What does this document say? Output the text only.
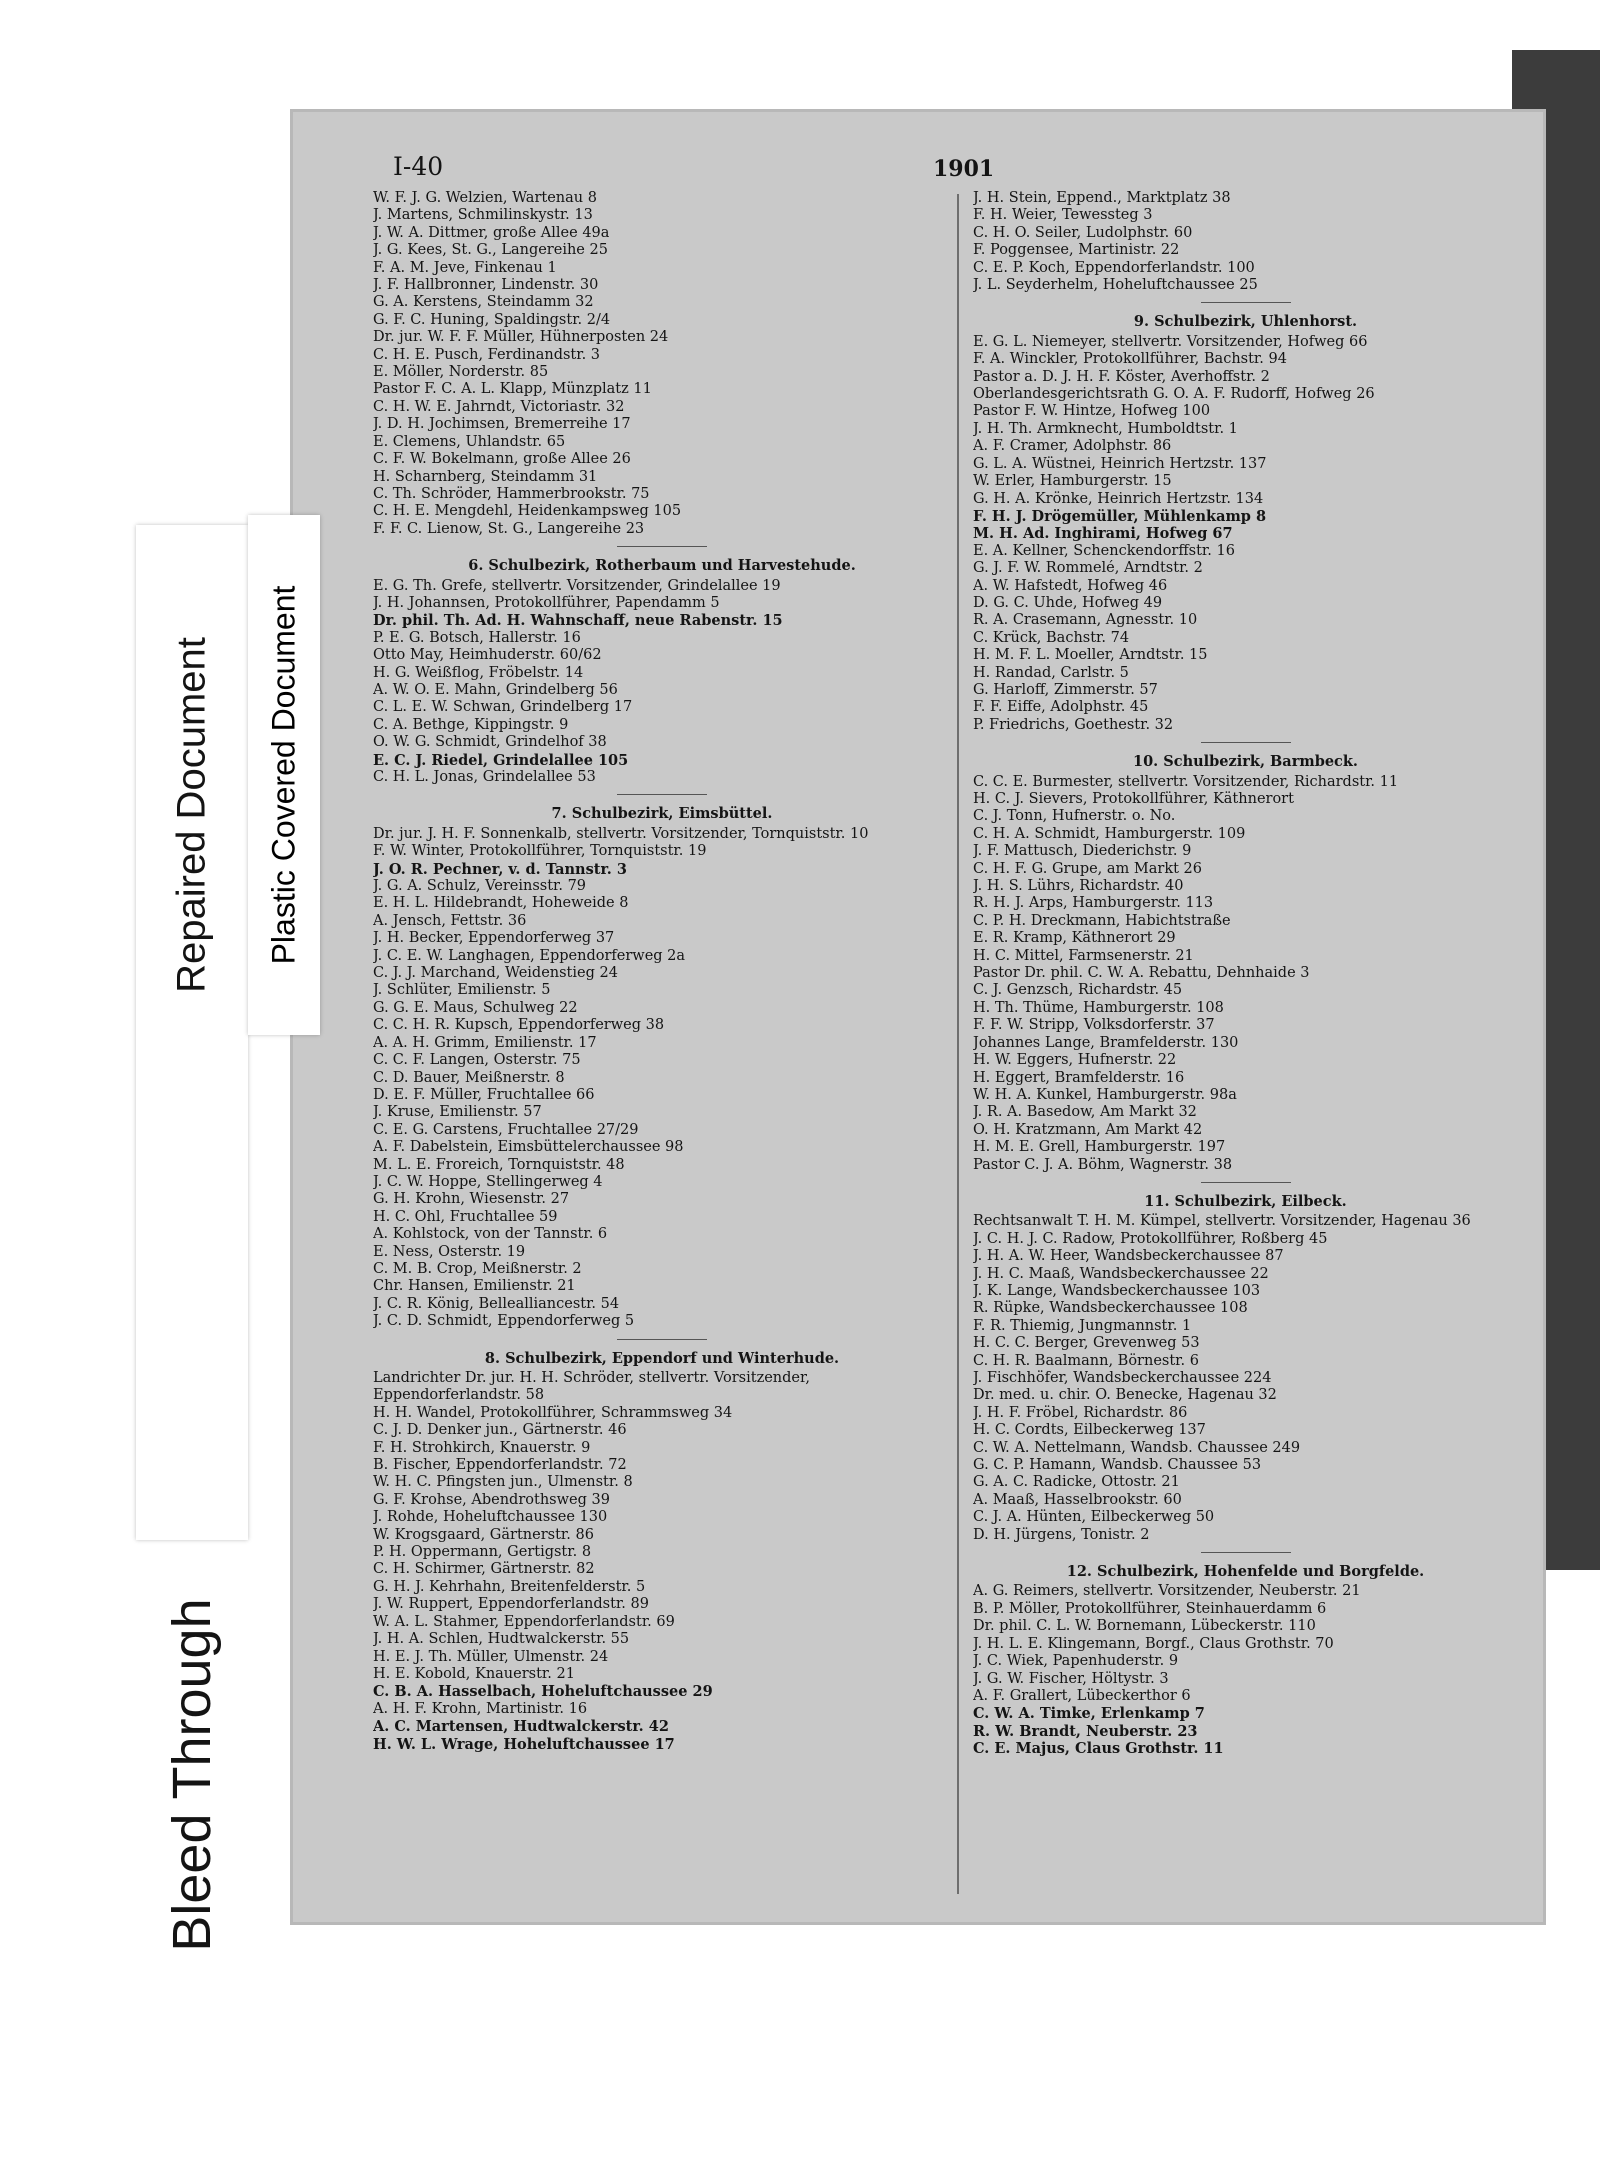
I-40	1901
W. F. J. G. Welzien, Wartenau 8
J. Martens, Schmilinskystr. 13
J. W. A. Dittmer, große Allee 49a
J. G. Kees, St. G., Langereihe 25
F. A. M. Jeve, Finkenau 1
J. F. Hallbronner, Lindenstr. 30
G. A. Kerstens, Steindamm 32
G. F. C. Huning, Spaldingstr. 2/4
Dr. jur. W. F. F. Müller, Hühnerposten 24
C. H. E. Pusch, Ferdinandstr. 3
E. Möller, Norderstr. 85
Pastor F. C. A. L. Klapp, Münzplatz 11
C. H. W. E. Jahrndt, Victoriastr. 32
J. D. H. Jochimsen, Bremerreihe 17
E. Clemens, Uhlandstr. 65
C. F. W. Bokelmann, große Allee 26
H. Scharnberg, Steindamm 31
C. Th. Schröder, Hammerbrookstr. 75
C. H. E. Mengdehl, Heidenkampsweg 105
F. F. C. Lienow, St. G., Langereihe 23
6. Schulbezirk, Rotherbaum und Harvestehude.
E. G. Th. Grefe, stellvertr. Vorsitzender, Grindelallee 19
J. H. Johannsen, Protokollführer, Papendamm 5
Dr. phil. Th. Ad. H. Wahnschaff, neue Rabenstr. 15
P. E. G. Botsch, Hallerstr. 16
Otto May, Heimhuderstr. 60/62
H. G. Weißflog, Fröbelstr. 14
A. W. O. E. Mahn, Grindelberg 56
C. L. E. W. Schwan, Grindelberg 17
C. A. Bethge, Kippingstr. 9
O. W. G. Schmidt, Grindelhof 38
E. C. J. Riedel, Grindelallee 105
C. H. L. Jonas, Grindelallee 53
7. Schulbezirk, Eimsbüttel.
Dr. jur. J. H. F. Sonnenkalb, stellvertr. Vorsitzender, Tornquiststr. 10
F. W. Winter, Protokollführer, Tornquiststr. 19
J. O. R. Pechner, v. d. Tannstr. 3
J. G. A. Schulz, Vereinsstr. 79
E. H. L. Hildebrandt, Hoheweide 8
A. Jensch, Fettstr. 36
J. H. Becker, Eppendorferweg 37
J. C. E. W. Langhagen, Eppendorferweg 2a
C. J. J. Marchand, Weidenstieg 24
J. Schlüter, Emilienstr. 5
G. G. E. Maus, Schulweg 22
C. C. H. R. Kupsch, Eppendorferweg 38
A. A. H. Grimm, Emilienstr. 17
C. C. F. Langen, Osterstr. 75
C. D. Bauer, Meißnerstr. 8
D. E. F. Müller, Fruchtallee 66
J. Kruse, Emilienstr. 57
C. E. G. Carstens, Fruchtallee 27/29
A. F. Dabelstein, Eimsbüttelerchaussee 98
M. L. E. Froreich, Tornquiststr. 48
J. C. W. Hoppe, Stellingerweg 4
G. H. Krohn, Wiesenstr. 27
H. C. Ohl, Fruchtallee 59
A. Kohlstock, von der Tannstr. 6
E. Ness, Osterstr. 19
C. M. B. Crop, Meißnerstr. 2
Chr. Hansen, Emilienstr. 21
J. C. R. König, Bellealliancestr. 54
J. C. D. Schmidt, Eppendorferweg 5
8. Schulbezirk, Eppendorf und Winterhude.
Landrichter Dr. jur. H. H. Schröder, stellvertr. Vorsitzender, Eppendorferlandstr. 58
H. H. Wandel, Protokollführer, Schrammsweg 34
C. J. D. Denker jun., Gärtnerstr. 46
F. H. Strohkirch, Knauerstr. 9
B. Fischer, Eppendorferlandstr. 72
W. H. C. Pfingsten jun., Ulmenstr. 8
G. F. Krohse, Abendrothsweg 39
J. Rohde, Hoheluftchaussee 130
W. Krogsgaard, Gärtnerstr. 86
P. H. Oppermann, Gertigstr. 8
C. H. Schirmer, Gärtnerstr. 82
G. H. J. Kehrhahn, Breitenfelderstr. 5
J. W. Ruppert, Eppendorferlandstr. 89
W. A. L. Stahmer, Eppendorferlandstr. 69
J. H. A. Schlen, Hudtwalckerstr. 55
H. E. J. Th. Müller, Ulmenstr. 24
H. E. Kobold, Knauerstr. 21
C. B. A. Hasselbach, Hoheluftchaussee 29
A. H. F. Krohn, Martinistr. 16
A. C. Martensen, Hudtwalckerstr. 42
H. W. L. Wrage, Hoheluftchaussee 17
J. H. Stein, Eppend., Marktplatz 38
F. H. Weier, Tewessteg 3
C. H. O. Seiler, Ludolphstr. 60
F. Poggensee, Martinistr. 22
C. E. P. Koch, Eppendorferlandstr. 100
J. L. Seyderhelm, Hoheluftchaussee 25
9. Schulbezirk, Uhlenhorst.
E. G. L. Niemeyer, stellvertr. Vorsitzender, Hofweg 66
F. A. Winckler, Protokollführer, Bachstr. 94
Pastor a. D. J. H. F. Köster, Averhoffstr. 2
Oberlandesgerichtsrath G. O. A. F. Rudorff, Hofweg 26
Pastor F. W. Hintze, Hofweg 100
J. H. Th. Armknecht, Humboldtstr. 1
A. F. Cramer, Adolphstr. 86
G. L. A. Wüstnei, Heinrich Hertzstr. 137
W. Erler, Hamburgerstr. 15
G. H. A. Krönke, Heinrich Hertzstr. 134
F. H. J. Drögemüller, Mühlenkamp 8
M. H. Ad. Inghirami, Hofweg 67
E. A. Kellner, Schenckendorffstr. 16
G. J. F. W. Rommelé, Arndtstr. 2
A. W. Hafstedt, Hofweg 46
D. G. C. Uhde, Hofweg 49
R. A. Crasemann, Agnesstr. 10
C. Krück, Bachstr. 74
H. M. F. L. Moeller, Arndtstr. 15
H. Randad, Carlstr. 5
G. Harloff, Zimmerstr. 57
F. F. Eiffe, Adolphstr. 45
P. Friedrichs, Goethestr. 32
10. Schulbezirk, Barmbeck.
C. C. E. Burmester, stellvertr. Vorsitzender, Richardstr. 11
H. C. J. Sievers, Protokollführer, Käthnerort
C. J. Tonn, Hufnerstr. o. No.
C. H. A. Schmidt, Hamburgerstr. 109
J. F. Mattusch, Diederichstr. 9
C. H. F. G. Grupe, am Markt 26
J. H. S. Lührs, Richardstr. 40
R. H. J. Arps, Hamburgerstr. 113
C. P. H. Dreckmann, Habichtstraße
E. R. Kramp, Käthnerort 29
H. C. Mittel, Farmsenerstr. 21
Pastor Dr. phil. C. W. A. Rebattu, Dehnhaide 3
C. J. Genzsch, Richardstr. 45
H. Th. Thüme, Hamburgerstr. 108
F. F. W. Stripp, Volksdorferstr. 37
Johannes Lange, Bramfelderstr. 130
H. W. Eggers, Hufnerstr. 22
H. Eggert, Bramfelderstr. 16
W. H. A. Kunkel, Hamburgerstr. 98a
J. R. A. Basedow, Am Markt 32
O. H. Kratzmann, Am Markt 42
H. M. E. Grell, Hamburgerstr. 197
Pastor C. J. A. Böhm, Wagnerstr. 38
11. Schulbezirk, Eilbeck.
Rechtsanwalt T. H. M. Kümpel, stellvertr. Vorsitzender, Hagenau 36
J. C. H. J. C. Radow, Protokollführer, Roßberg 45
J. H. A. W. Heer, Wandsbeckerchaussee 87
J. H. C. Maaß, Wandsbeckerchaussee 22
J. K. Lange, Wandsbeckerchaussee 103
R. Rüpke, Wandsbeckerchaussee 108
F. R. Thiemig, Jungmannstr. 1
H. C. C. Berger, Grevenweg 53
C. H. R. Baalmann, Börnestr. 6
J. Fischhöfer, Wandsbeckerchaussee 224
Dr. med. u. chir. O. Benecke, Hagenau 32
J. H. F. Fröbel, Richardstr. 86
H. C. Cordts, Eilbeckerweg 137
C. W. A. Nettelmann, Wandsb. Chaussee 249
G. C. P. Hamann, Wandsb. Chaussee 53
G. A. C. Radicke, Ottostr. 21
A. Maaß, Hasselbrookstr. 60
C. J. A. Hünten, Eilbeckerweg 50
D. H. Jürgens, Tonistr. 2
12. Schulbezirk, Hohenfelde und Borgfelde.
A. G. Reimers, stellvertr. Vorsitzender, Neuberstr. 21
B. P. Möller, Protokollführer, Steinhauerdamm 6
Dr. phil. C. L. W. Bornemann, Lübeckerstr. 110
J. H. L. E. Klingemann, Borgf., Claus Grothstr. 70
J. C. Wiek, Papenhuderstr. 9
J. G. W. Fischer, Höltystr. 3
A. F. Grallert, Lübeckerthor 6
C. W. A. Timke, Erlenkamp 7
R. W. Brandt, Neuberstr. 23
C. E. Majus, Claus Grothstr. 11
Bleed Through
Repaired Document Plastic Covered Document
